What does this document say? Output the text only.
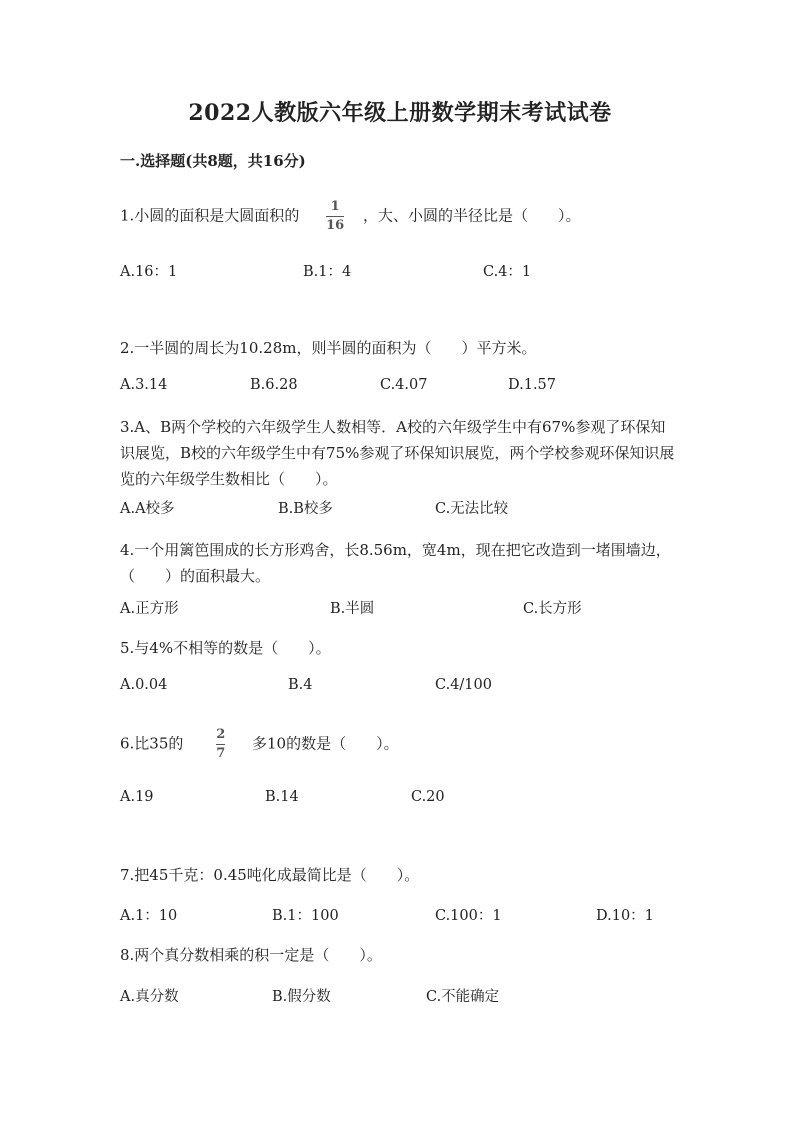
2022人教版六年级上册数学期末考试试卷
一.选择题(共8题，共16分)
1.小圆的面积是大圆面积的 $\frac{1}{16}$ ，大、小圆的半径比是（　　）。
A.16：1	B.1：4	C.4：1
2.一半圆的周长为10.28m，则半圆的面积为（　　）平方米。
A.3.14	B.6.28	C.4.07	D.1.57
3.A、B两个学校的六年级学生人数相等．A校的六年级学生中有67%参观了环保知识展览，B校的六年级学生中有75%参观了环保知识展览，两个学校参观环保知识展览的六年级学生数相比（　　）。
A.A校多	B.B校多	C.无法比较
4.一个用篱笆围成的长方形鸡舍，长8.56m，宽4m，现在把它改造到一堵围墙边，（　　）的面积最大。
A.正方形	B.半圆	C.长方形
5.与4%不相等的数是（　　）。
A.0.04	B.4	C.4/100
6.比35的	$\frac{2}{7}$ 多10的数是（　　）。
A.19	B.14	C.20
7.把45千克：0.45吨化成最简比是（　　）。
A.1：10	B.1：100	C.100：1	D.10：1
8.两个真分数相乘的积一定是（　　）。
A.真分数	B.假分数	C.不能确定
